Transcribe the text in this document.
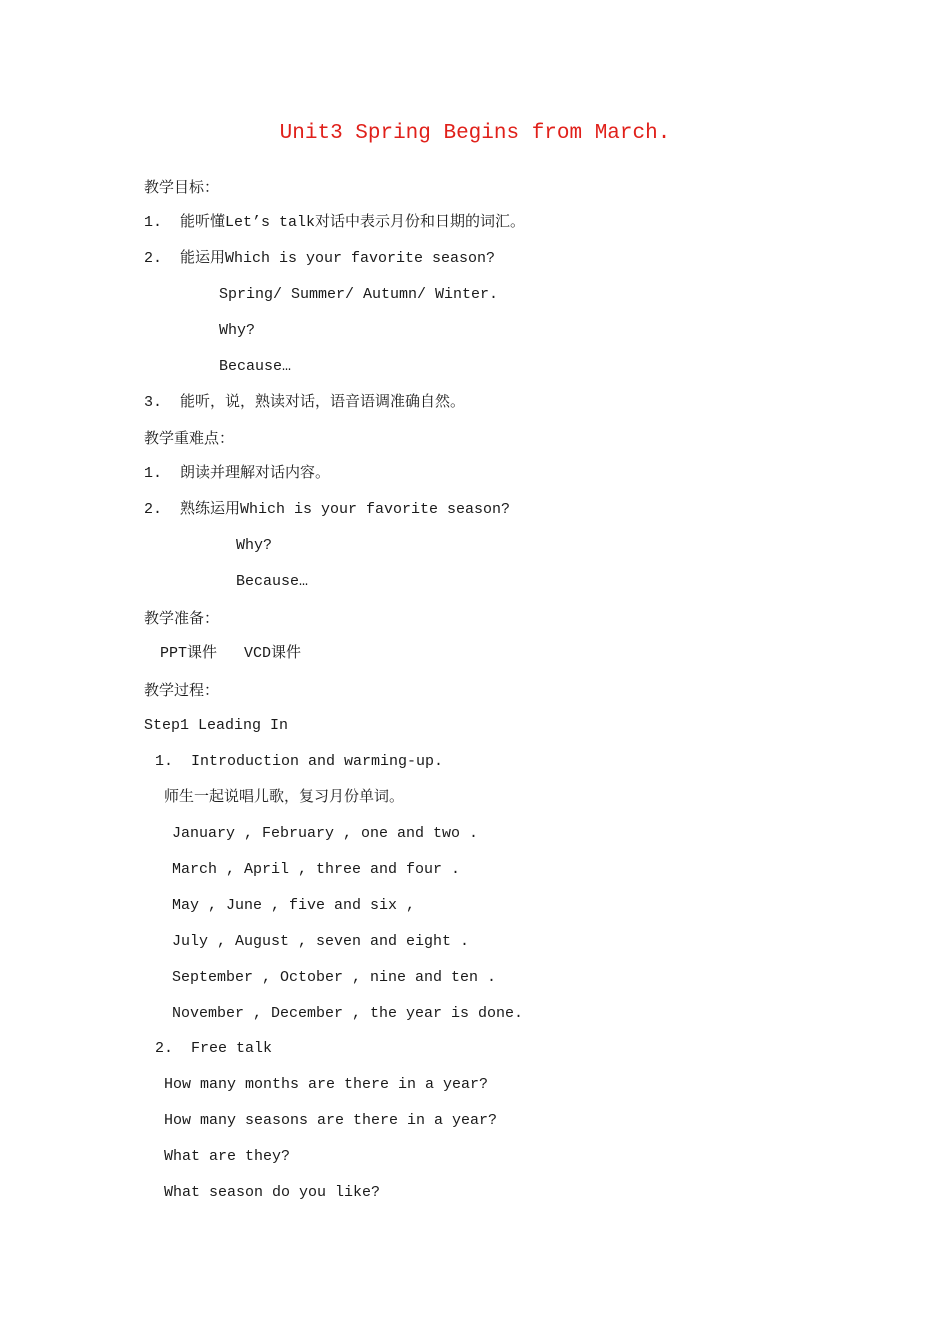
Unit3 Spring Begins from March.
教学目标：
1.  能听懂Let’s talk对话中表示月份和日期的词汇。
2.  能运用Which is your favorite season?
Spring/ Summer/ Autumn/ Winter.
Why?
Because…
3.  能听，说，熟读对话，语音语调准确自然。
教学重难点：
1.  朗读并理解对话内容。
2.  熟练运用Which is your favorite season?
Why?
Because…
教学准备：
PPT课件   VCD课件
教学过程：
Step1 Leading In
1.  Introduction and warming-up.
师生一起说唱儿歌，复习月份单词。
January , February , one and two .
March , April , three and four .
May , June , five and six ,
July , August , seven and eight .
September , October , nine and ten .
November , December , the year is done.
2.  Free talk
How many months are there in a year?
How many seasons are there in a year?
What are they?
What season do you like?
